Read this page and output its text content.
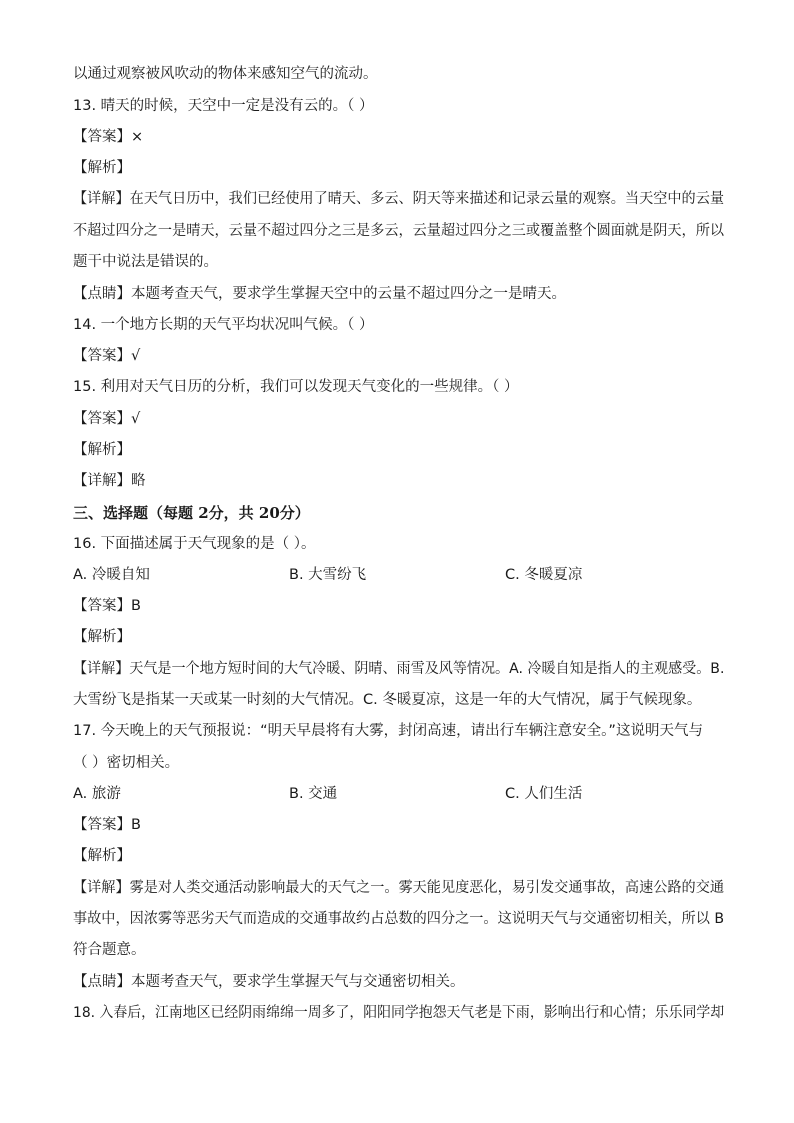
以通过观察被风吹动的物体来感知空气的流动。
13. 晴天的时候，天空中一定是没有云的。（ ）
【答案】×
【解析】
【详解】在天气日历中，我们已经使用了晴天、多云、阴天等来描述和记录云量的观察。当天空中的云量
不超过四分之一是晴天，云量不超过四分之三是多云，云量超过四分之三或覆盖整个圆面就是阴天，所以
题干中说法是错误的。
【点睛】本题考查天气，要求学生掌握天空中的云量不超过四分之一是晴天。
14. 一个地方长期的天气平均状况叫气候。（ ）
【答案】√
15. 利用对天气日历的分析，我们可以发现天气变化的一些规律。（ ）
【答案】√
【解析】
【详解】略
三、选择题（每题 2分，共 20分）
16. 下面描述属于天气现象的是（ ）。
A. 冷暖自知	B. 大雪纷飞	C. 冬暖夏凉
【答案】B
【解析】
【详解】天气是一个地方短时间的大气冷暖、阴晴、雨雪及风等情况。A. 冷暖自知是指人的主观感受。B.
大雪纷飞是指某一天或某一时刻的大气情况。C. 冬暖夏凉，这是一年的大气情况，属于气候现象。
17. 今天晚上的天气预报说：“明天早晨将有大雾，封闭高速，请出行车辆注意安全。”这说明天气与
（ ）密切相关。
A. 旅游	B. 交通	C. 人们生活
【答案】B
【解析】
【详解】雾是对人类交通活动影响最大的天气之一。雾天能见度恶化，易引发交通事故，高速公路的交通
事故中，因浓雾等恶劣天气而造成的交通事故约占总数的四分之一。这说明天气与交通密切相关，所以 B
符合题意。
【点睛】本题考查天气，要求学生掌握天气与交通密切相关。
18. 入春后，江南地区已经阴雨绵绵一周多了，阳阳同学抱怨天气老是下雨，影响出行和心情；乐乐同学却
